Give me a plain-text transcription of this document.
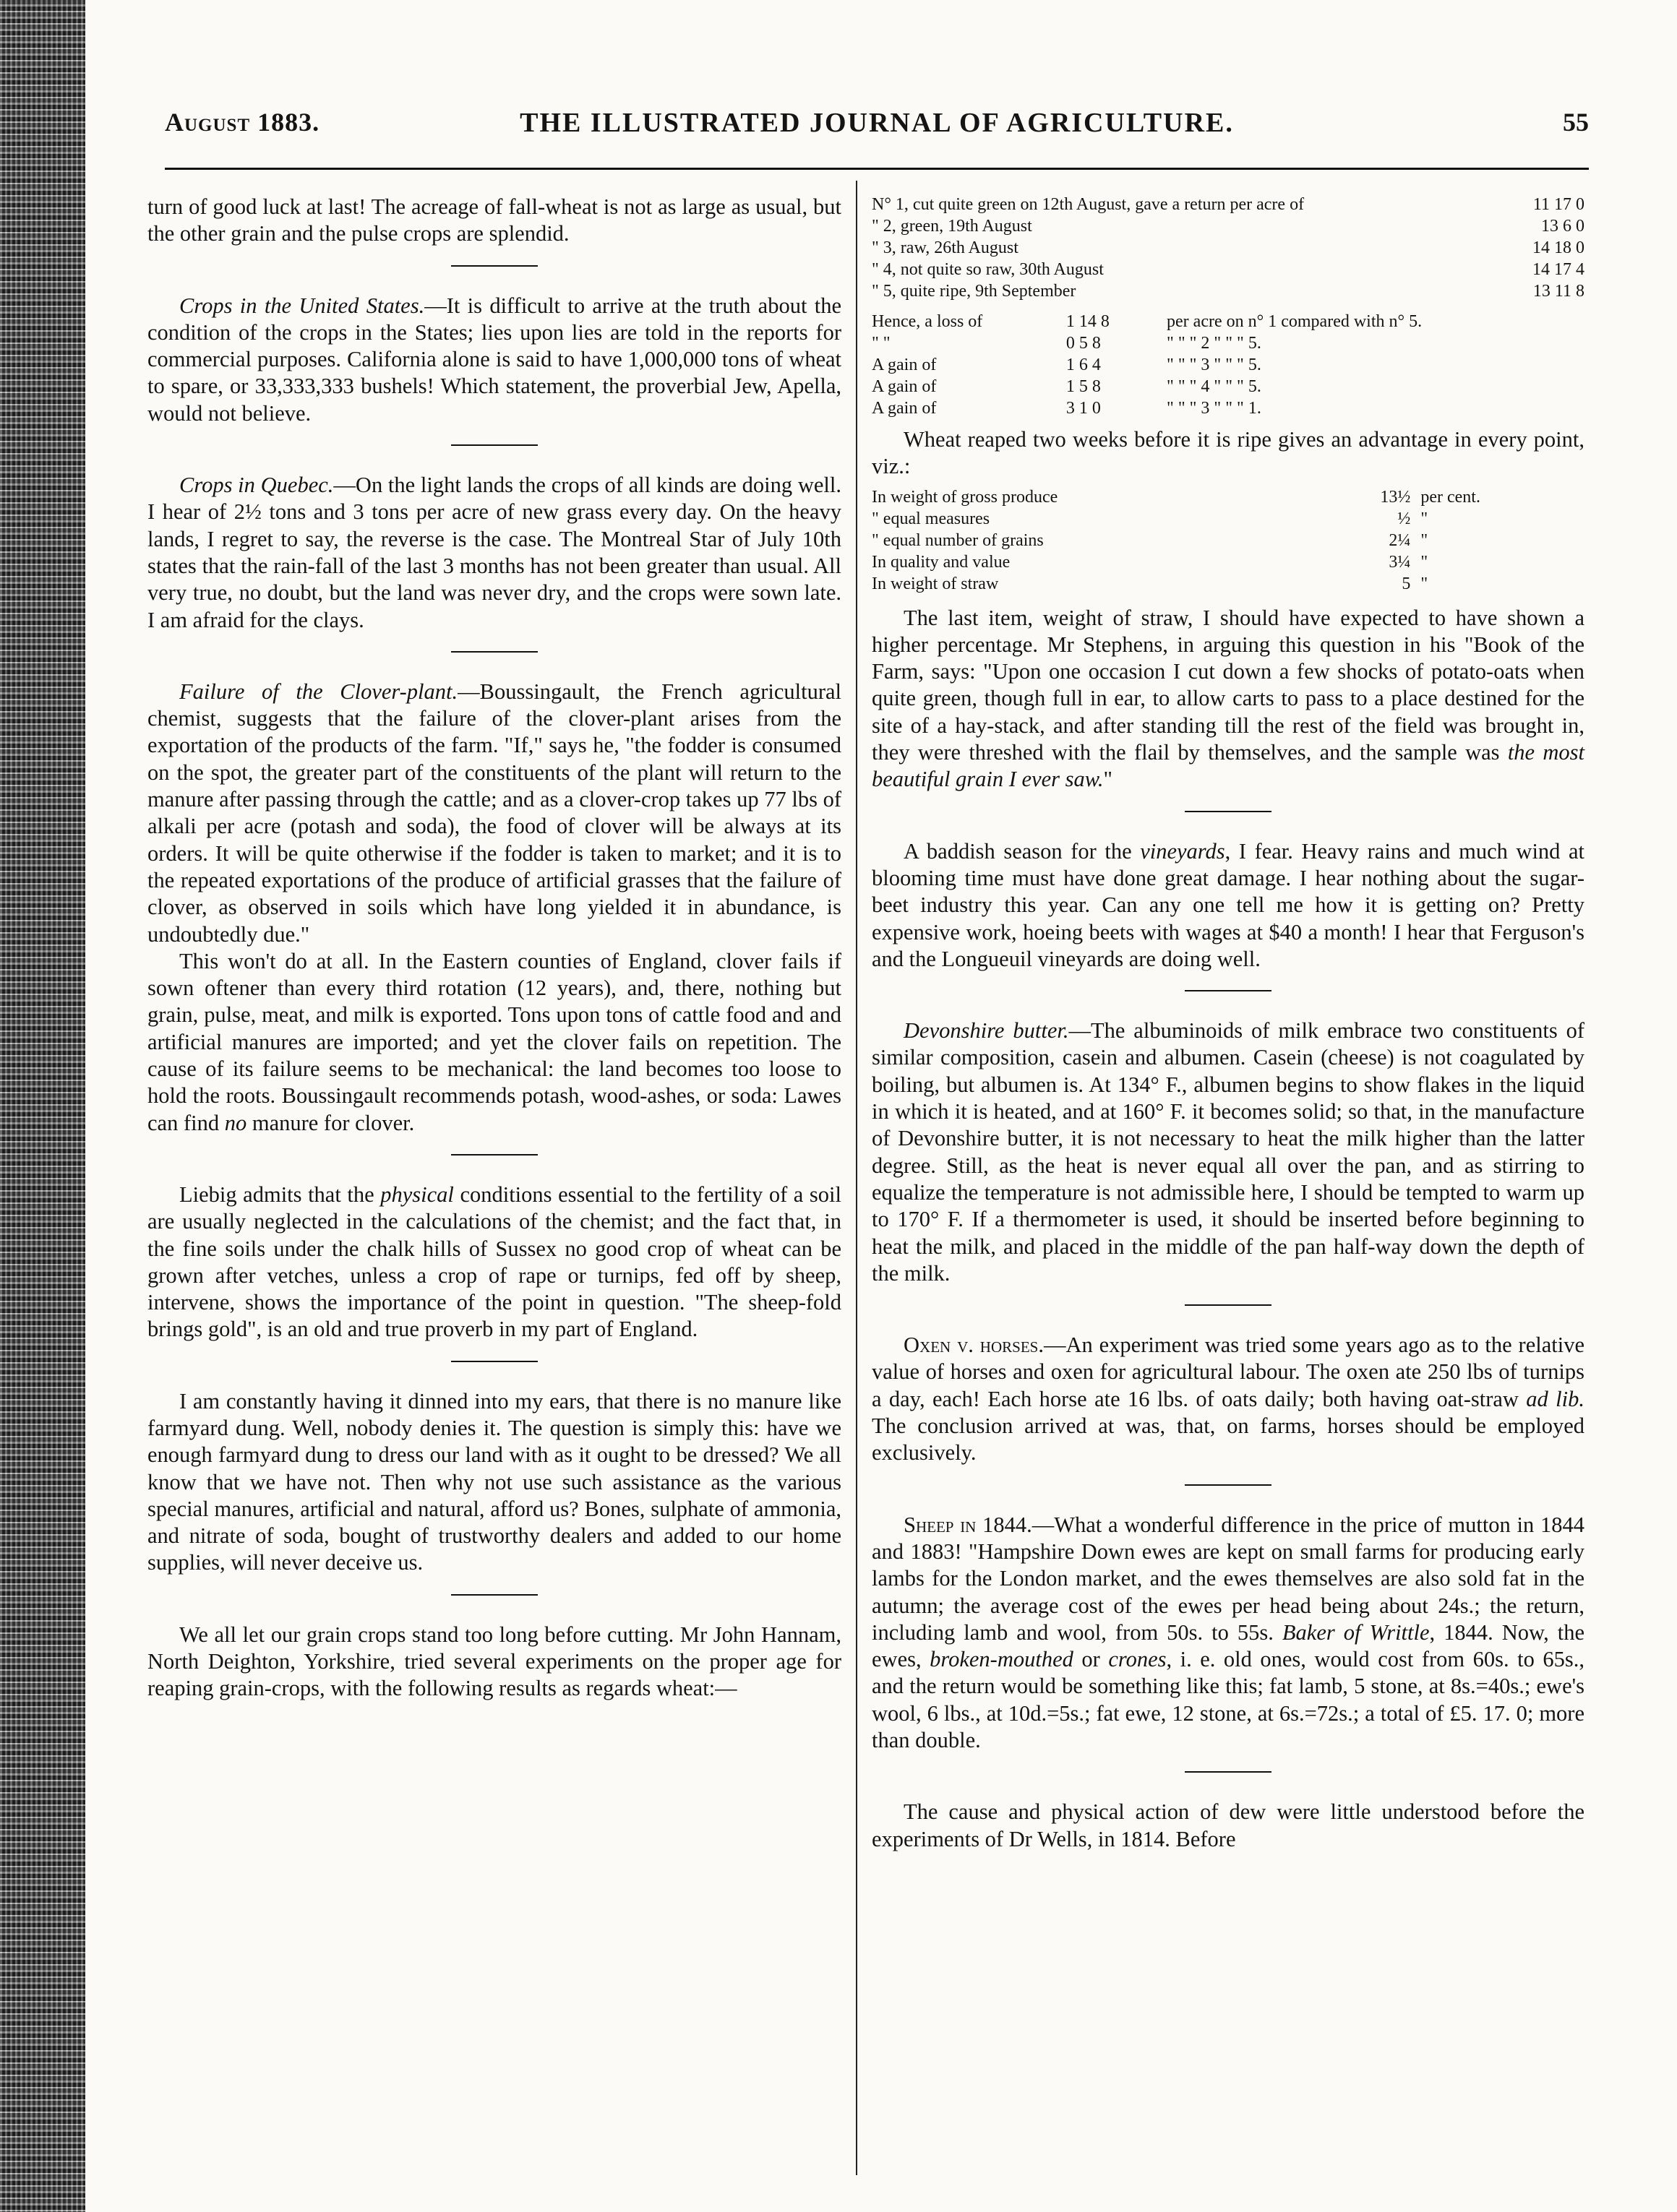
August 1883.	THE ILLUSTRATED JOURNAL OF AGRICULTURE.	55

turn of good luck at last! The acreage of fall-wheat is not as large as usual, but the other grain and the pulse crops are splendid.

Crops in the United States.—It is difficult to arrive at the truth about the condition of the crops in the States; lies upon lies are told in the reports for commercial purposes. California alone is said to have 1,000,000 tons of wheat to spare, or 33,333,333 bushels! Which statement, the proverbial Jew, Apella, would not believe.

Crops in Quebec.—On the light lands the crops of all kinds are doing well. I hear of 2½ tons and 3 tons per acre of new grass every day. On the heavy lands, I regret to say, the reverse is the case. The Montreal Star of July 10th states that the rain-fall of the last 3 months has not been greater than usual. All very true, no doubt, but the land was never dry, and the crops were sown late. I am afraid for the clays.

Failure of the Clover-plant.—Boussingault, the French agricultural chemist, suggests that the failure of the clover-plant arises from the exportation of the products of the farm. "If," says he, "the fodder is consumed on the spot, the greater part of the constituents of the plant will return to the manure after passing through the cattle; and as a clover-crop takes up 77 lbs of alkali per acre (potash and soda), the food of clover will be always at its orders. It will be quite otherwise if the fodder is taken to market; and it is to the repeated exportations of the produce of artificial grasses that the failure of clover, as observed in soils which have long yielded it in abundance, is undoubtedly due."

This won't do at all. In the Eastern counties of England, clover fails if sown oftener than every third rotation (12 years), and, there, nothing but grain, pulse, meat, and milk is exported. Tons upon tons of cattle food and and artificial manures are imported; and yet the clover fails on repetition. The cause of its failure seems to be mechanical: the land becomes too loose to hold the roots. Boussingault recommends potash, wood-ashes, or soda: Lawes can find no manure for clover.

Liebig admits that the physical conditions essential to the fertility of a soil are usually neglected in the calculations of the chemist; and the fact that, in the fine soils under the chalk hills of Sussex no good crop of wheat can be grown after vetches, unless a crop of rape or turnips, fed off by sheep, intervene, shows the importance of the point in question. "The sheep-fold brings gold", is an old and true proverb in my part of England.

I am constantly having it dinned into my ears, that there is no manure like farmyard dung. Well, nobody denies it. The question is simply this: have we enough farmyard dung to dress our land with as it ought to be dressed? We all know that we have not. Then why not use such assistance as the various special manures, artificial and natural, afford us? Bones, sulphate of ammonia, and nitrate of soda, bought of trustworthy dealers and added to our home supplies, will never deceive us.

We all let our grain crops stand too long before cutting. Mr John Hannam, North Deighton, Yorkshire, tried several experiments on the proper age for reaping grain-crops, with the following results as regards wheat:—

N° 1, cut quite green on 12th August, gave a return per acre of	11 17 0
" 2, green, 19th August	13 6 0
" 3, raw, 26th August	14 18 0
" 4, not quite so raw, 30th August	14 17 4
" 5, quite ripe, 9th September	13 11 8
Hence, a loss of	1 14 8	per acre on n° 1 compared with n° 5.
" "	0 5 8	" " " 2 " " " 5.
A gain of	1 6 4	" " " 3 " " " 5.
A gain of	1 5 8	" " " 4 " " " 5.
A gain of	3 1 0	" " " 3 " " " 1.

Wheat reaped two weeks before it is ripe gives an advantage in every point, viz.:

In weight of gross produce	13½	per cent.
" equal measures	½	"
" equal number of grains	2¼	"
In quality and value	3¼	"
In weight of straw	5	"

The last item, weight of straw, I should have expected to have shown a higher percentage. Mr Stephens, in arguing this question in his "Book of the Farm, says: "Upon one occasion I cut down a few shocks of potato-oats when quite green, though full in ear, to allow carts to pass to a place destined for the site of a hay-stack, and after standing till the rest of the field was brought in, they were threshed with the flail by themselves, and the sample was the most beautiful grain I ever saw."

A baddish season for the vineyards, I fear. Heavy rains and much wind at blooming time must have done great damage. I hear nothing about the sugar-beet industry this year. Can any one tell me how it is getting on? Pretty expensive work, hoeing beets with wages at $40 a month! I hear that Ferguson's and the Longueuil vineyards are doing well.

Devonshire butter.—The albuminoids of milk embrace two constituents of similar composition, casein and albumen. Casein (cheese) is not coagulated by boiling, but albumen is. At 134° F., albumen begins to show flakes in the liquid in which it is heated, and at 160° F. it becomes solid; so that, in the manufacture of Devonshire butter, it is not necessary to heat the milk higher than the latter degree. Still, as the heat is never equal all over the pan, and as stirring to equalize the temperature is not admissible here, I should be tempted to warm up to 170° F. If a thermometer is used, it should be inserted before beginning to heat the milk, and placed in the middle of the pan half-way down the depth of the milk.

Oxen v. horses.—An experiment was tried some years ago as to the relative value of horses and oxen for agricultural labour. The oxen ate 250 lbs of turnips a day, each! Each horse ate 16 lbs. of oats daily; both having oat-straw ad lib. The conclusion arrived at was, that, on farms, horses should be employed exclusively.

Sheep in 1844.—What a wonderful difference in the price of mutton in 1844 and 1883! "Hampshire Down ewes are kept on small farms for producing early lambs for the London market, and the ewes themselves are also sold fat in the autumn; the average cost of the ewes per head being about 24s.; the return, including lamb and wool, from 50s. to 55s. Baker of Writtle, 1844. Now, the ewes, broken-mouthed or crones, i. e. old ones, would cost from 60s. to 65s., and the return would be something like this; fat lamb, 5 stone, at 8s.=40s.; ewe's wool, 6 lbs., at 10d.=5s.; fat ewe, 12 stone, at 6s.=72s.; a total of £5. 17. 0; more than double.

The cause and physical action of dew were little understood before the experiments of Dr Wells, in 1814. Before
